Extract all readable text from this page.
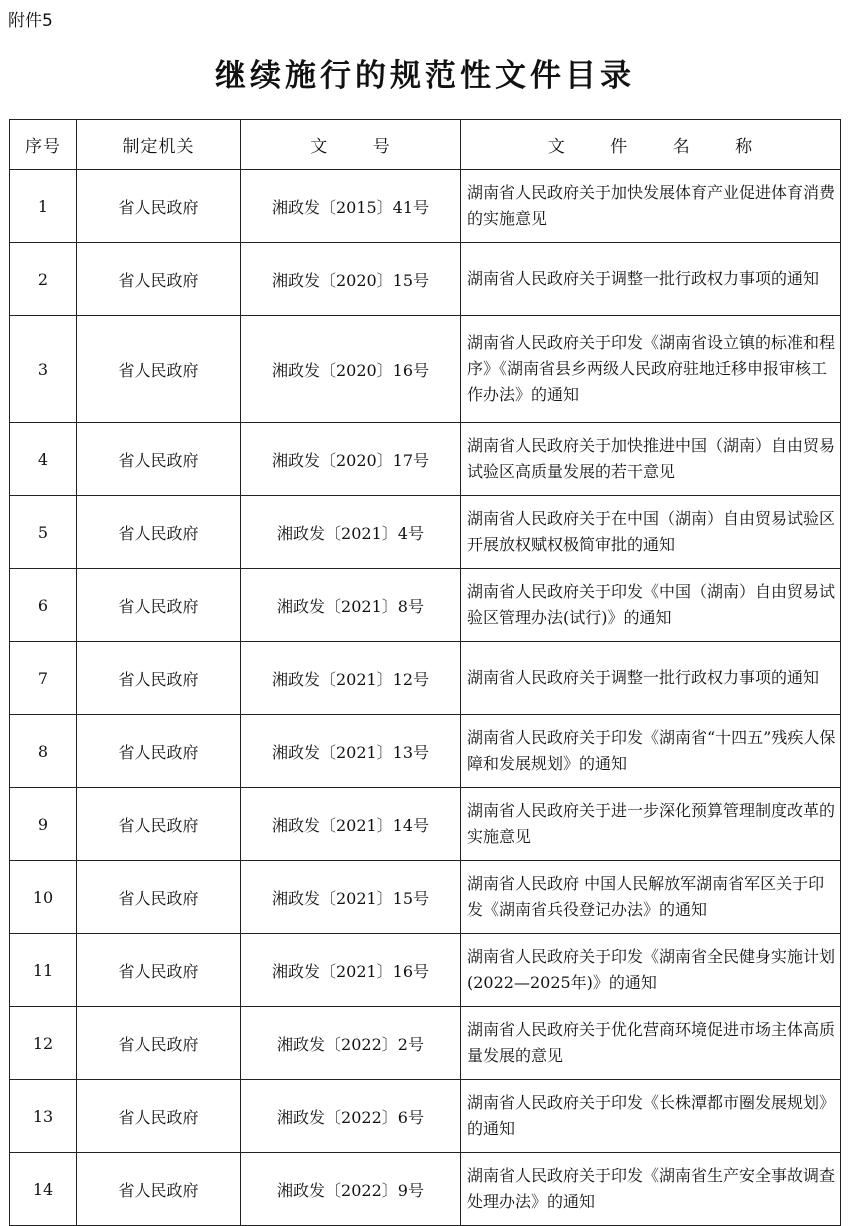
附件5
继续施行的规范性文件目录
序号	制定机关	文 号	文 件 名 称
1	省人民政府	湘政发〔2015〕41号	湖南省人民政府关于加快发展体育产业促进体育消费的实施意见
2	省人民政府	湘政发〔2020〕15号	湖南省人民政府关于调整一批行政权力事项的通知
3	省人民政府	湘政发〔2020〕16号	湖南省人民政府关于印发《湖南省设立镇的标准和程序》《湖南省县乡两级人民政府驻地迁移申报审核工作办法》的通知
4	省人民政府	湘政发〔2020〕17号	湖南省人民政府关于加快推进中国（湖南）自由贸易试验区高质量发展的若干意见
5	省人民政府	湘政发〔2021〕4号	湖南省人民政府关于在中国（湖南）自由贸易试验区开展放权赋权极简审批的通知
6	省人民政府	湘政发〔2021〕8号	湖南省人民政府关于印发《中国（湖南）自由贸易试验区管理办法(试行)》的通知
7	省人民政府	湘政发〔2021〕12号	湖南省人民政府关于调整一批行政权力事项的通知
8	省人民政府	湘政发〔2021〕13号	湖南省人民政府关于印发《湖南省“十四五”残疾人保障和发展规划》的通知
9	省人民政府	湘政发〔2021〕14号	湖南省人民政府关于进一步深化预算管理制度改革的实施意见
10	省人民政府	湘政发〔2021〕15号	湖南省人民政府 中国人民解放军湖南省军区关于印发《湖南省兵役登记办法》的通知
11	省人民政府	湘政发〔2021〕16号	湖南省人民政府关于印发《湖南省全民健身实施计划(2022—2025年)》的通知
12	省人民政府	湘政发〔2022〕2号	湖南省人民政府关于优化营商环境促进市场主体高质量发展的意见
13	省人民政府	湘政发〔2022〕6号	湖南省人民政府关于印发《长株潭都市圈发展规划》的通知
14	省人民政府	湘政发〔2022〕9号	湖南省人民政府关于印发《湖南省生产安全事故调查处理办法》的通知
